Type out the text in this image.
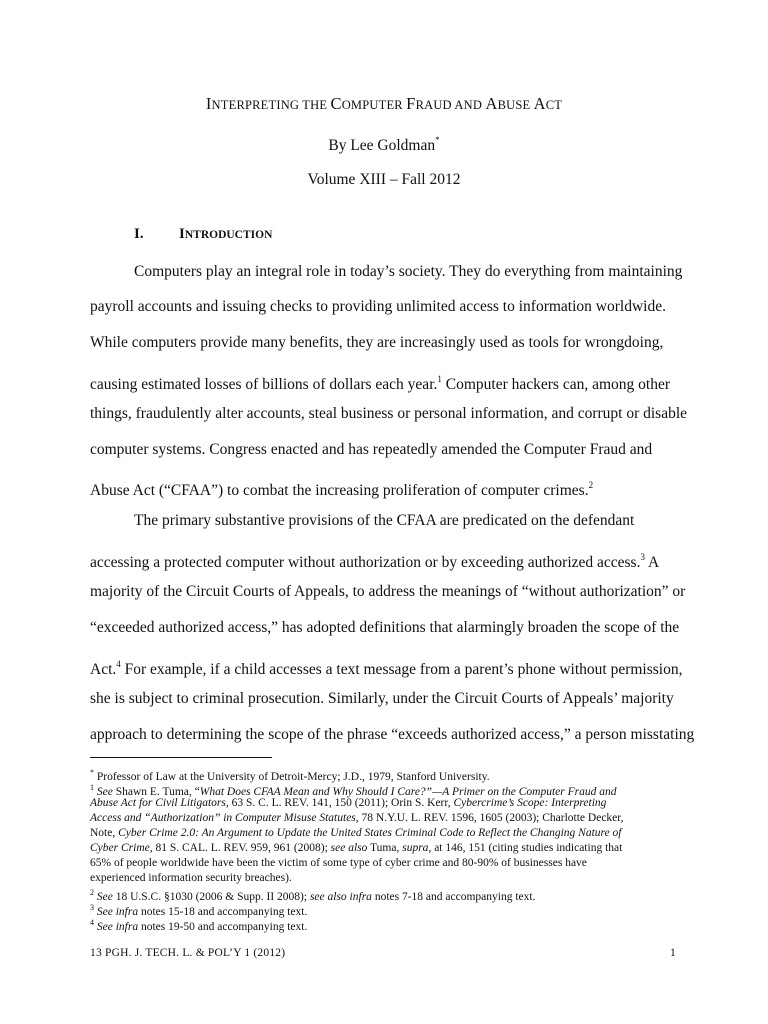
INTERPRETING THE COMPUTER FRAUD AND ABUSE ACT
By Lee Goldman*
Volume XIII – Fall 2012
I. INTRODUCTION
Computers play an integral role in today’s society. They do everything from maintaining
payroll accounts and issuing checks to providing unlimited access to information worldwide.
While computers provide many benefits, they are increasingly used as tools for wrongdoing,
causing estimated losses of billions of dollars each year.$^1$ Computer hackers can, among other
things, fraudulently alter accounts, steal business or personal information, and corrupt or disable
computer systems. Congress enacted and has repeatedly amended the Computer Fraud and
Abuse Act (“CFAA”) to combat the increasing proliferation of computer crimes.$^2$
The primary substantive provisions of the CFAA are predicated on the defendant
accessing a protected computer without authorization or by exceeding authorized access.$^3$ A
majority of the Circuit Courts of Appeals, to address the meanings of “without authorization” or
“exceeded authorized access,” has adopted definitions that alarmingly broaden the scope of the
Act.$^4$ For example, if a child accesses a text message from a parent’s phone without permission,
she is subject to criminal prosecution. Similarly, under the Circuit Courts of Appeals’ majority
approach to determining the scope of the phrase “exceeds authorized access,” a person misstating
* Professor of Law at the University of Detroit-Mercy; J.D., 1979, Stanford University.
$^1$ See Shawn E. Tuma, “What Does CFAA Mean and Why Should I Care?”—A Primer on the Computer Fraud and
Abuse Act for Civil Litigators, 63 S. C. L. REV. 141, 150 (2011); Orin S. Kerr, Cybercrime’s Scope: Interpreting
Access and “Authorization” in Computer Misuse Statutes, 78 N.Y.U. L. REV. 1596, 1605 (2003); Charlotte Decker,
Note, Cyber Crime 2.0: An Argument to Update the United States Criminal Code to Reflect the Changing Nature of
Cyber Crime, 81 S. CAL. L. REV. 959, 961 (2008); see also Tuma, supra, at 146, 151 (citing studies indicating that
65% of people worldwide have been the victim of some type of cyber crime and 80-90% of businesses have
experienced information security breaches).
$^2$ See 18 U.S.C. §1030 (2006 & Supp. II 2008); see also infra notes 7-18 and accompanying text.
$^3$ See infra notes 15-18 and accompanying text.
$^4$ See infra notes 19-50 and accompanying text.
13 PGH. J. TECH. L. & POL’Y 1 (2012)	1
